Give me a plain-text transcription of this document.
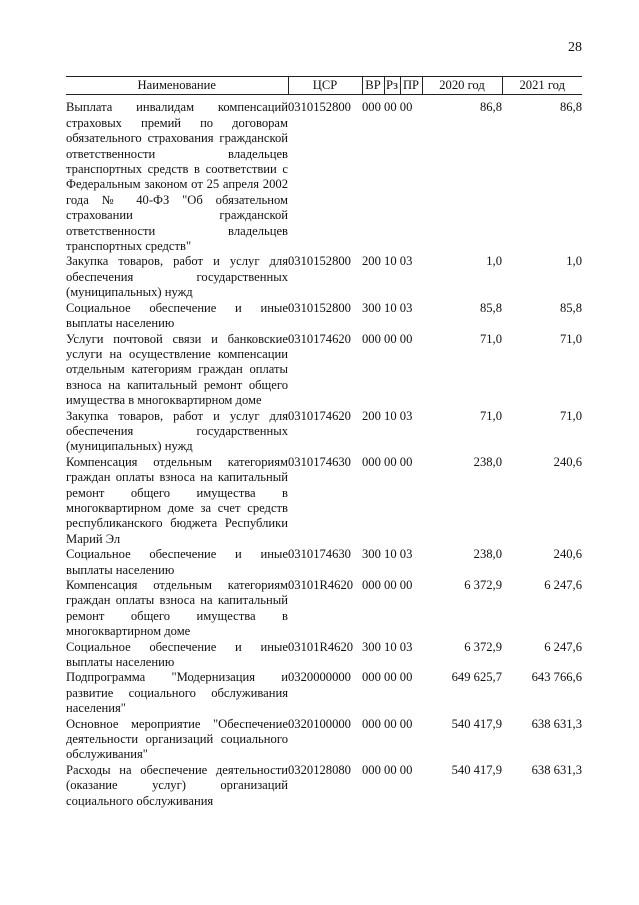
28
Наименование	ЦСР	ВР	Рз	ПР	2020 год	2021 год
Выплата инвалидам компенсаций страховых премий по договорам обязательного страхования гражданской ответственности владельцев транспортных средств в соответствии с Федеральным законом от 25 апреля 2002 года № 40-ФЗ "Об обязательном страховании гражданской ответственности владельцев транспортных средств"	0310152800	000 00 00			86,8	86,8
Закупка товаров, работ и услуг для обеспечения государственных (муниципальных) нужд	0310152800	200 10 03			1,0	1,0
Социальное обеспечение и иные выплаты населению	0310152800	300 10 03			85,8	85,8
Услуги почтовой связи и банковские услуги на осуществление компенсации отдельным категориям граждан оплаты взноса на капитальный ремонт общего имущества в многоквартирном доме	0310174620	000 00 00			71,0	71,0
Закупка товаров, работ и услуг для обеспечения государственных (муниципальных) нужд	0310174620	200 10 03			71,0	71,0
Компенсация отдельным категориям граждан оплаты взноса на капитальный ремонт общего имущества в многоквартирном доме за счет средств республиканского бюджета Республики Марий Эл	0310174630	000 00 00			238,0	240,6
Социальное обеспечение и иные выплаты населению	0310174630	300 10 03			238,0	240,6
Компенсация отдельным категориям граждан оплаты взноса на капитальный ремонт общего имущества в многоквартирном доме	03101R4620	000 00 00			6 372,9	6 247,6
Социальное обеспечение и иные выплаты населению	03101R4620	300 10 03			6 372,9	6 247,6
Подпрограмма "Модернизация и развитие социального обслуживания населения"	0320000000	000 00 00			649 625,7	643 766,6
Основное мероприятие "Обеспечение деятельности организаций социального обслуживания"	0320100000	000 00 00			540 417,9	638 631,3
Расходы на обеспечение деятельности (оказание услуг) организаций социального обслуживания	0320128080	000 00 00			540 417,9	638 631,3
